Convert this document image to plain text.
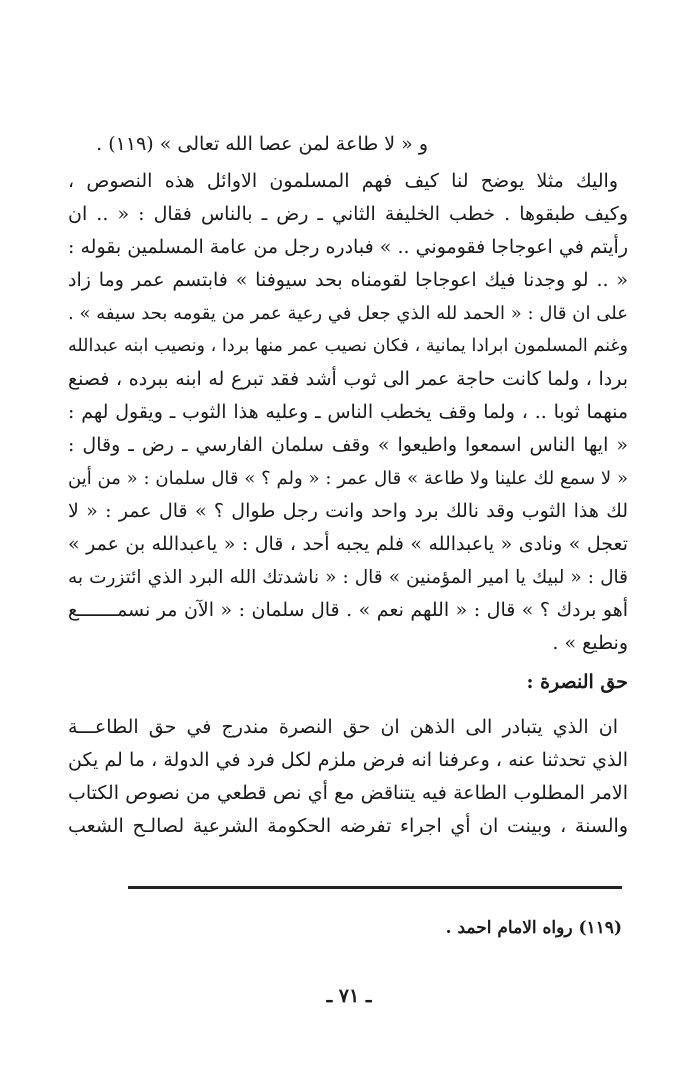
و « لا طاعة لمن عصا الله تعالى » (١١٩) .
واليك مثلا يوضح لنا كيف فهم المسلمون الاوائل هذه النصوص ،
وكيف طبقوها . خطب الخليفة الثاني ـ رض ـ بالناس فقال : « .. ان
رأيتم في اعوجاجا فقوموني .. » فبادره رجل من عامة المسلمين بقوله :
« .. لو وجدنا فيك اعوجاجا لقومناه بحد سيوفنا » فابتسم عمر وما زاد
على ان قال : « الحمد لله الذي جعل في رعية عمر من يقومه بحد سيفه » .
وغنم المسلمون ابرادا يمانية ، فكان نصيب عمر منها بردا ، ونصيب ابنه عبدالله
بردا ، ولما كانت حاجة عمر الى ثوب أشد فقد تبرع له ابنه ببرده ، فصنع
منهما ثوبا .. ، ولما وقف يخطب الناس ـ وعليه هذا الثوب ـ ويقول لهم :
« ايها الناس اسمعوا واطيعوا » وقف سلمان الفارسي ـ رض ـ وقال :
« لا سمع لك علينا ولا طاعة » قال عمر : « ولم ؟ » قال سلمان : « من أين
لك هذا الثوب وقد نالك برد واحد وانت رجل طوال ؟ » قال عمر : « لا
تعجل » ونادى « ياعبدالله » فلم يجبه أحد ، قال : « ياعبدالله بن عمر »
قال : « لبيك يا امير المؤمنين » قال : « ناشدتك الله البرد الذي ائتزرت به
أهو بردك ؟ » قال : « اللهم نعم » . قال سلمان : « الآن مر نسمـــــــع
ونطيع » .
حق النصرة :
ان الذي يتبادر الى الذهن ان حق النصرة مندرج في حق الطاعـــة
الذي تحدثنا عنه ، وعرفنا انه فرض ملزم لكل فرد في الدولة ، ما لم يكن
الامر المطلوب الطاعة فيه يتناقض مع أي نص قطعي من نصوص الكتاب
والسنة ، وبينت ان أي اجراء تفرضه الحكومة الشرعية لصالـح الشعب
(١١٩) رواه الامام احمد .
ـ ٧١ ـ
